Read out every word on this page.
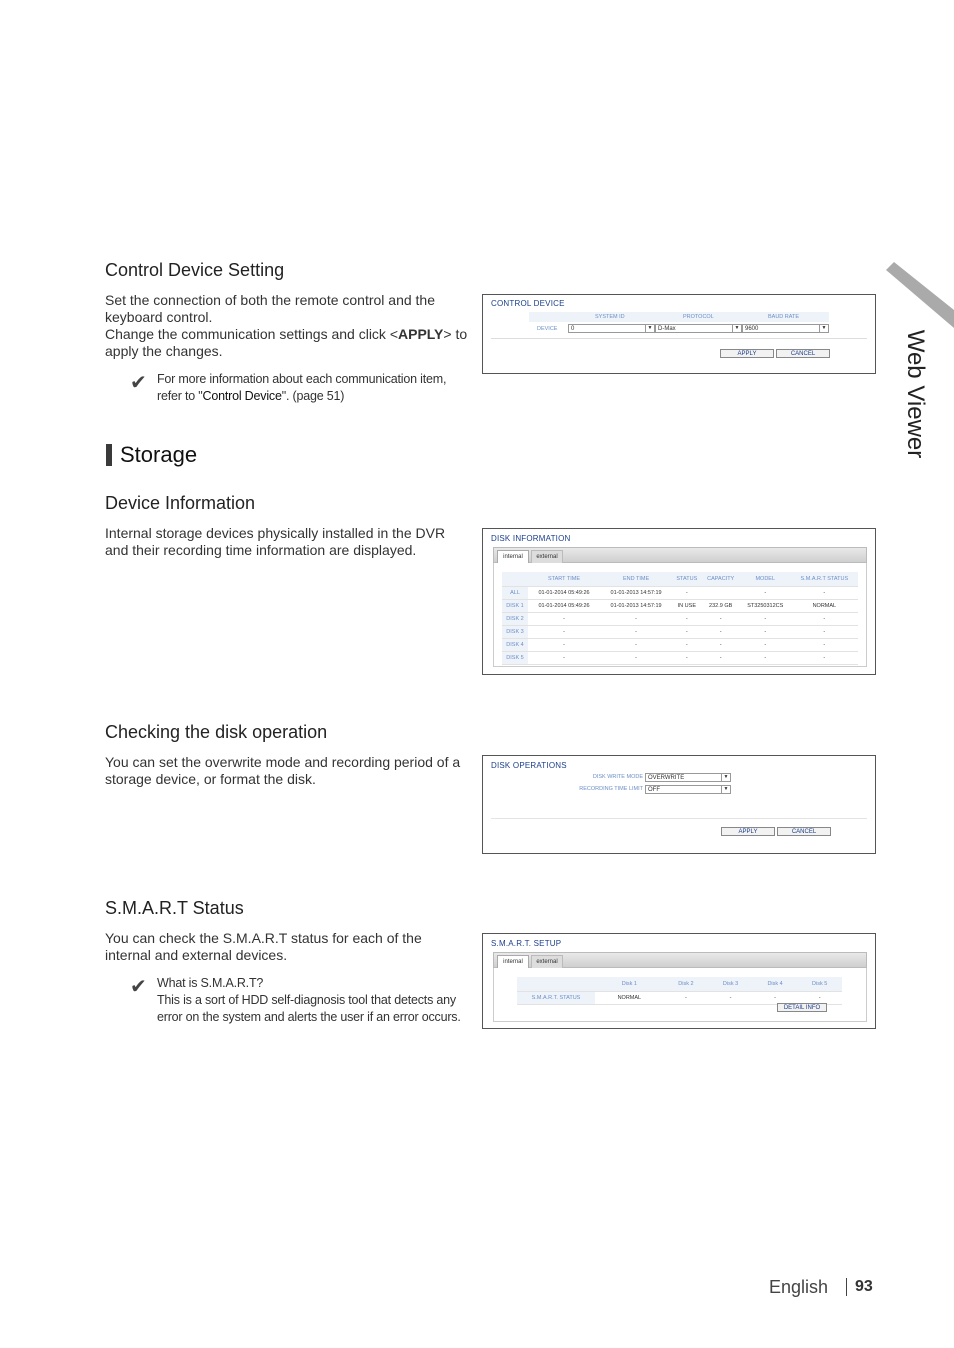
Web Viewer
Control Device Setting
Set the connection of both the remote control and the keyboard control.
Change the communication settings and click <APPLY> to apply the changes.
✔ For more information about each communication item, refer to "Control Device". (page 51)
CONTROL DEVICE
SYSTEM ID	PROTOCOL	BAUD RATE
DEVICE	0	▼ D-Max	▼ 9600	▼
APPLY	CANCEL
Storage
Device Information
Internal storage devices physically installed in the DVR and their recording time information are displayed.
DISK INFORMATION
internal	external
	START TIME	END TIME	STATUS	CAPACITY	MODEL	S.M.A.R.T STATUS
ALL	01-01-2014 05:49:26	01-01-2013 14:57:19	-		-	-
DISK 1	01-01-2014 05:49:26	01-01-2013 14:57:19	IN USE	232.9 GB	ST3250312CS	NORMAL
DISK 2	-	-	-	-	-	-
DISK 3	-	-	-	-	-	-
DISK 4	-	-	-	-	-	-
DISK 5	-	-	-	-	-	-
Checking the disk operation
You can set the overwrite mode and recording period of a storage device, or format the disk.
DISK OPERATIONS
DISK WRITE MODE OVERWRITE	▼
RECORDING TIME LIMIT OFF	▼
APPLY	CANCEL
S.M.A.R.T Status
You can check the S.M.A.R.T status for each of the internal and external devices.
✔ What is S.M.A.R.T?
This is a sort of HDD self-diagnosis tool that detects any error on the system and alerts the user if an error occurs.
S.M.A.R.T. SETUP
internal	external
	Disk 1	Disk 2	Disk 3	Disk 4	Disk 5
S.M.A.R.T. STATUS	NORMAL	-	-	-	-
DETAIL INFO
English 93
